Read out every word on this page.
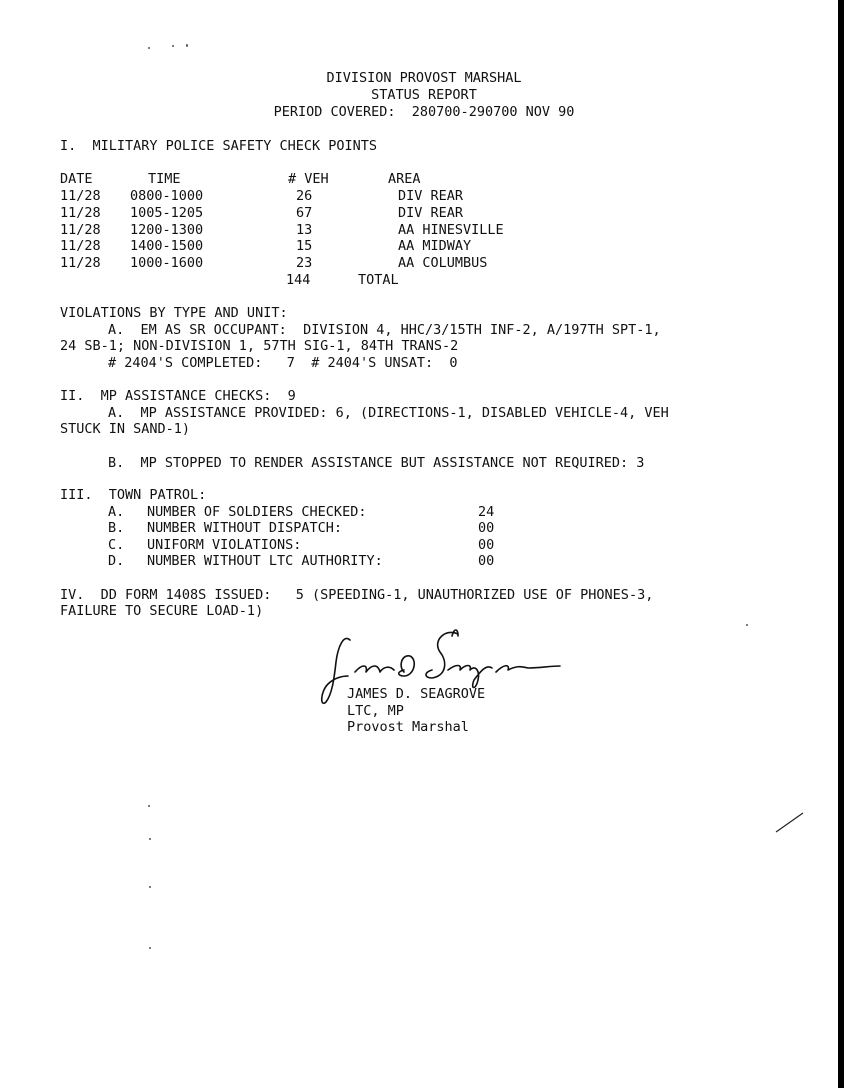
DIVISION PROVOST MARSHAL
STATUS REPORT
PERIOD COVERED:  280700-290700 NOV 90
I.  MILITARY POLICE SAFETY CHECK POINTS
DATE	TIME	# VEH	AREA
11/28 0800-1000	26	DIV REAR
11/28 1005-1205	67	DIV REAR
11/28 1200-1300	13	AA HINESVILLE
11/28 1400-1500	15	AA MIDWAY
11/28 1000-1600	23	AA COLUMBUS
144	TOTAL
VIOLATIONS BY TYPE AND UNIT:
A.  EM AS SR OCCUPANT:  DIVISION 4, HHC/3/15TH INF-2, A/197TH SPT-1,
24 SB-1; NON-DIVISION 1, 57TH SIG-1, 84TH TRANS-2
# 2404'S COMPLETED:   7  # 2404'S UNSAT:  0
II.  MP ASSISTANCE CHECKS:  9
A.  MP ASSISTANCE PROVIDED: 6, (DIRECTIONS-1, DISABLED VEHICLE-4, VEH
STUCK IN SAND-1)
B.  MP STOPPED TO RENDER ASSISTANCE BUT ASSISTANCE NOT REQUIRED: 3
III.  TOWN PATROL:
A. NUMBER OF SOLDIERS CHECKED:	24
B. NUMBER WITHOUT DISPATCH:	00
C. UNIFORM VIOLATIONS:	00
D. NUMBER WITHOUT LTC AUTHORITY:	00
IV.  DD FORM 1408S ISSUED:   5 (SPEEDING-1, UNAUTHORIZED USE OF PHONES-3,
FAILURE TO SECURE LOAD-1)
JAMES D. SEAGROVE
LTC, MP
Provost Marshal
